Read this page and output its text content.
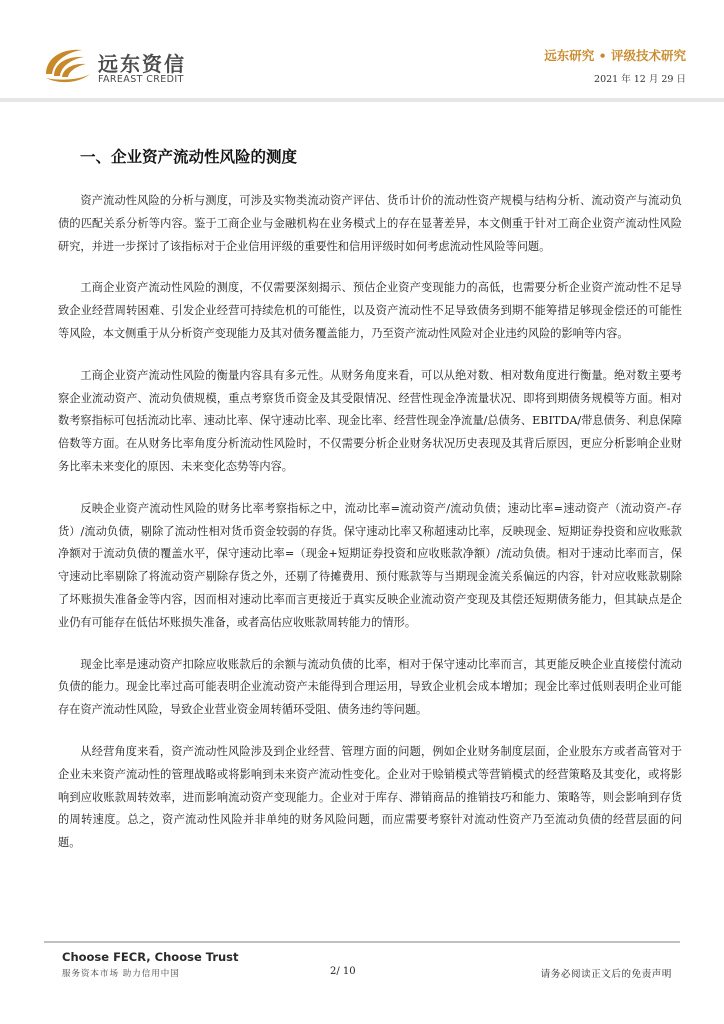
远东资信
FAREAST CREDIT
远东研究 • 评级技术研究
2021 年 12 月 29 日
一、企业资产流动性风险的测度

资产流动性风险的分析与测度，可涉及实物类流动资产评估、货币计价的流动性资产规模与结构分析、流动资产与流动负债的匹配关系分析等内容。鉴于工商企业与金融机构在业务模式上的存在显著差异，本文侧重于针对工商企业资产流动性风险研究，并进一步探讨了该指标对于企业信用评级的重要性和信用评级时如何考虑流动性风险等问题。

工商企业资产流动性风险的测度，不仅需要深刻揭示、预估企业资产变现能力的高低，也需要分析企业资产流动性不足导致企业经营周转困难、引发企业经营可持续危机的可能性，以及资产流动性不足导致债务到期不能筹措足够现金偿还的可能性等风险，本文侧重于从分析资产变现能力及其对债务覆盖能力，乃至资产流动性风险对企业违约风险的影响等内容。

工商企业资产流动性风险的衡量内容具有多元性。从财务角度来看，可以从绝对数、相对数角度进行衡量。绝对数主要考察企业流动资产、流动负债规模，重点考察货币资金及其受限情况、经营性现金净流量状况、即将到期债务规模等方面。相对数考察指标可包括流动比率、速动比率、保守速动比率、现金比率、经营性现金净流量/总债务、EBITDA/带息债务、利息保障倍数等方面。在从财务比率角度分析流动性风险时，不仅需要分析企业财务状况历史表现及其背后原因，更应分析影响企业财务比率未来变化的原因、未来变化态势等内容。

反映企业资产流动性风险的财务比率考察指标之中，流动比率=流动资产/流动负债；速动比率=速动资产（流动资产-存货）/流动负债，剔除了流动性相对货币资金较弱的存货。保守速动比率又称超速动比率，反映现金、短期证券投资和应收账款净额对于流动负债的覆盖水平，保守速动比率=（现金+短期证券投资和应收账款净额）/流动负债。相对于速动比率而言，保守速动比率剔除了将流动资产剔除存货之外，还剔了待摊费用、预付账款等与当期现金流关系偏远的内容，针对应收账款剔除了坏账损失准备金等内容，因而相对速动比率而言更接近于真实反映企业流动资产变现及其偿还短期债务能力，但其缺点是企业仍有可能存在低估坏账损失准备，或者高估应收账款周转能力的情形。

现金比率是速动资产扣除应收账款后的余额与流动负债的比率，相对于保守速动比率而言，其更能反映企业直接偿付流动负债的能力。现金比率过高可能表明企业流动资产未能得到合理运用，导致企业机会成本增加；现金比率过低则表明企业可能存在资产流动性风险，导致企业营业资金周转循环受阻、债务违约等问题。

从经营角度来看，资产流动性风险涉及到企业经营、管理方面的问题，例如企业财务制度层面，企业股东方或者高管对于企业未来资产流动性的管理战略或将影响到未来资产流动性变化。企业对于赊销模式等营销模式的经营策略及其变化，或将影响到应收账款周转效率，进而影响流动资产变现能力。企业对于库存、滞销商品的推销技巧和能力、策略等，则会影响到存货的周转速度。总之，资产流动性风险并非单纯的财务风险问题，而应需要考察针对流动性资产乃至流动负债的经营层面的问题。

Choose FECR, Choose Trust
服务资本市场 助力信用中国	2/ 10	请务必阅读正文后的免责声明
